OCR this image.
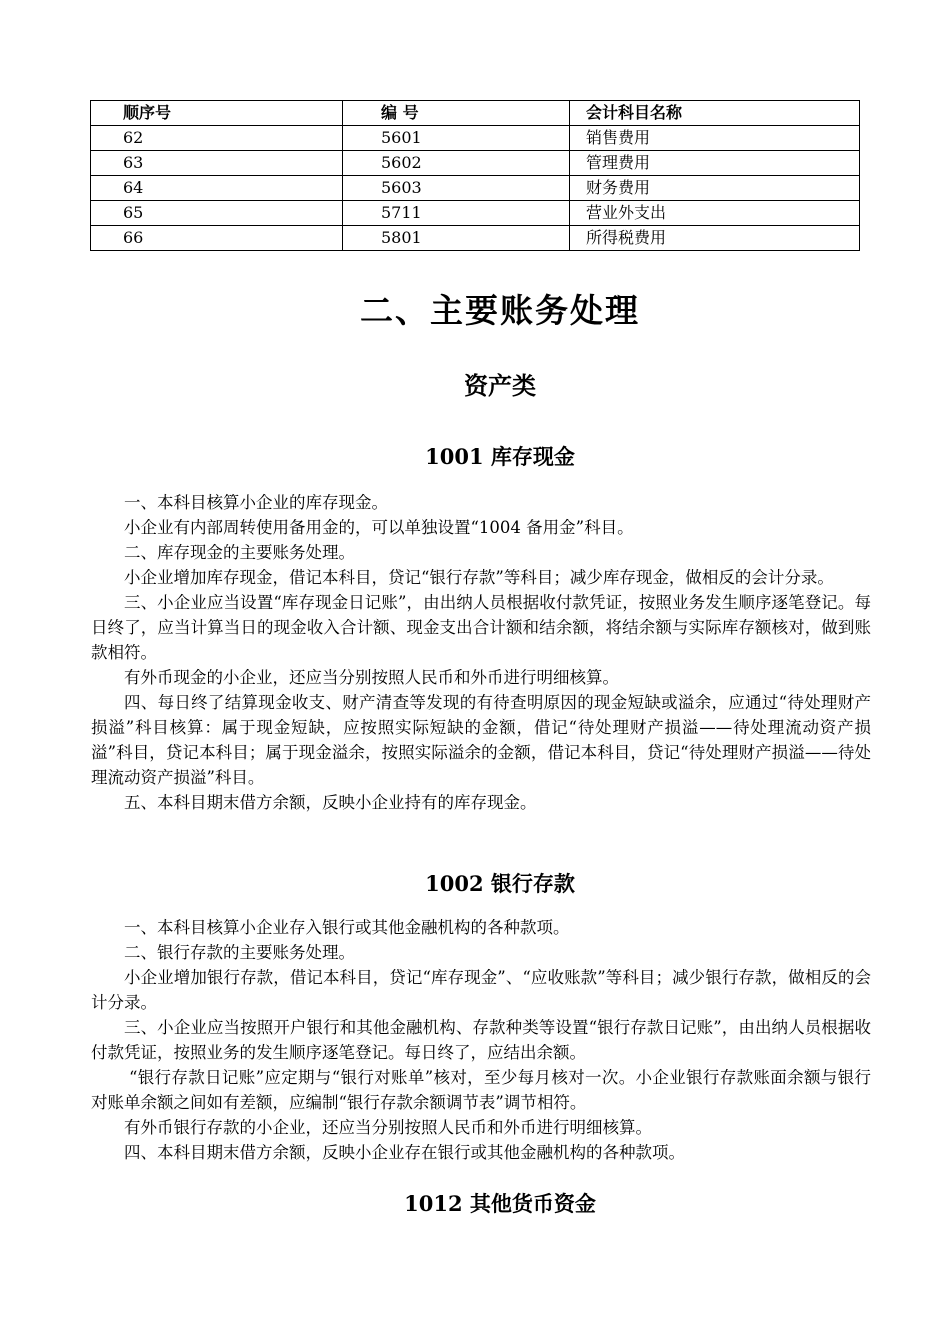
顺序号	编 号	会计科目名称
62	5601	销售费用
63	5602	管理费用
64	5603	财务费用
65	5711	营业外支出
66	5801	所得税费用
二、主要账务处理
资产类
1001 库存现金

一、本科目核算小企业的库存现金。

小企业有内部周转使用备用金的，可以单独设置“1004 备用金”科目。

二、库存现金的主要账务处理。

小企业增加库存现金，借记本科目，贷记“银行存款”等科目；减少库存现金，做相反的会计分录。

三、小企业应当设置“库存现金日记账”，由出纳人员根据收付款凭证，按照业务发生顺序逐笔登记。每日终了，应当计算当日的现金收入合计额、现金支出合计额和结余额，将结余额与实际库存额核对，做到账款相符。

有外币现金的小企业，还应当分别按照人民币和外币进行明细核算。

四、每日终了结算现金收支、财产清查等发现的有待查明原因的现金短缺或溢余，应通过“待处理财产损溢”科目核算：属于现金短缺，应按照实际短缺的金额，借记“待处理财产损溢——待处理流动资产损溢”科目，贷记本科目；属于现金溢余，按照实际溢余的金额，借记本科目，贷记“待处理财产损溢——待处理流动资产损溢”科目。

五、本科目期末借方余额，反映小企业持有的库存现金。

1002 银行存款

一、本科目核算小企业存入银行或其他金融机构的各种款项。

二、银行存款的主要账务处理。

小企业增加银行存款，借记本科目，贷记“库存现金”、“应收账款”等科目；减少银行存款，做相反的会计分录。

三、小企业应当按照开户银行和其他金融机构、存款种类等设置“银行存款日记账”，由出纳人员根据收付款凭证，按照业务的发生顺序逐笔登记。每日终了，应结出余额。

“银行存款日记账”应定期与“银行对账单”核对，至少每月核对一次。小企业银行存款账面余额与银行对账单余额之间如有差额，应编制“银行存款余额调节表”调节相符。

有外币银行存款的小企业，还应当分别按照人民币和外币进行明细核算。

四、本科目期末借方余额，反映小企业存在银行或其他金融机构的各种款项。

1012 其他货币资金
